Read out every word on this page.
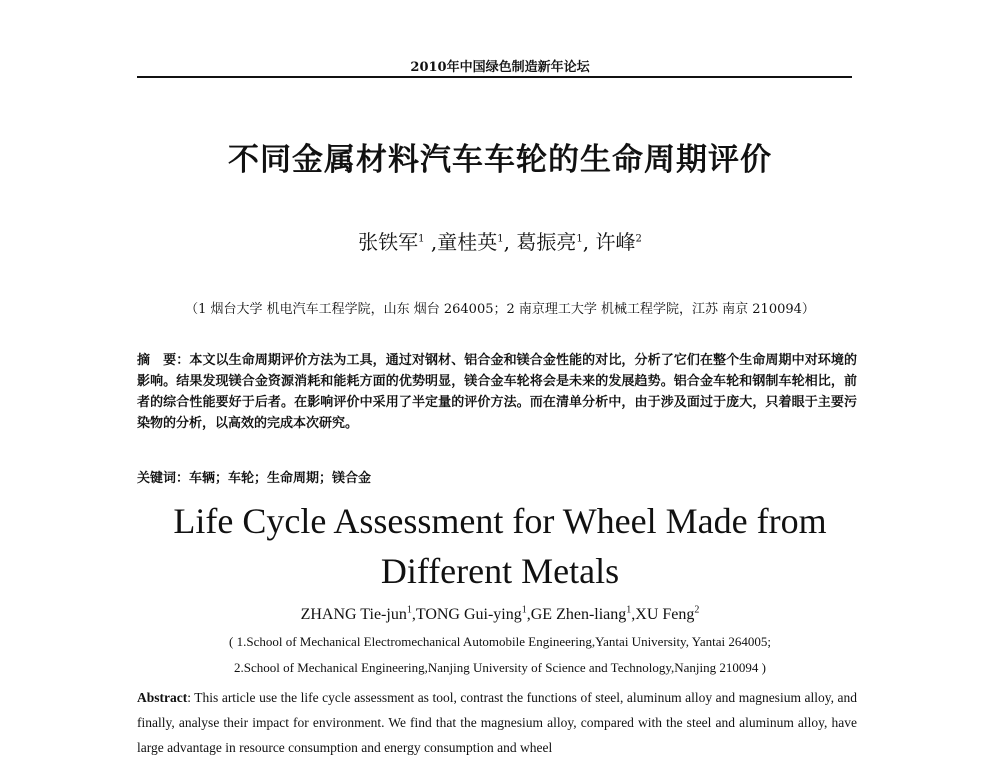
2010年中国绿色制造新年论坛
不同金属材料汽车车轮的生命周期评价
张铁军$^1$ ,童桂英$^1$, 葛振亮$^1$, 许峰$^2$
（1 烟台大学 机电汽车工程学院，山东 烟台 264005；2 南京理工大学 机械工程学院，江苏 南京 210094）
摘　要：本文以生命周期评价方法为工具，通过对钢材、铝合金和镁合金性能的对比，分析了它们在整个生命周期中对环境的影响。结果发现镁合金资源消耗和能耗方面的优势明显，镁合金车轮将会是未来的发展趋势。铝合金车轮和钢制车轮相比，前者的综合性能要好于后者。在影响评价中采用了半定量的评价方法。而在清单分析中，由于涉及面过于庞大，只着眼于主要污染物的分析，以高效的完成本次研究。
关键词：车辆；车轮；生命周期；镁合金
Life Cycle Assessment for Wheel Made from
Different Metals
ZHANG Tie-jun$^1$,TONG Gui-ying$^1$,GE Zhen-liang$^1$,XU Feng$^2$
( 1.School of Mechanical Electromechanical Automobile Engineering,Yantai University, Yantai 264005;
2.School of Mechanical Engineering,Nanjing University of Science and Technology,Nanjing 210094 )
Abstract: This article use the life cycle assessment as tool, contrast the functions of steel, aluminum alloy and magnesium alloy, and finally, analyse their impact for environment. We find that the magnesium alloy, compared with the steel and aluminum alloy, have large advantage in resource consumption and energy consumption and wheel
